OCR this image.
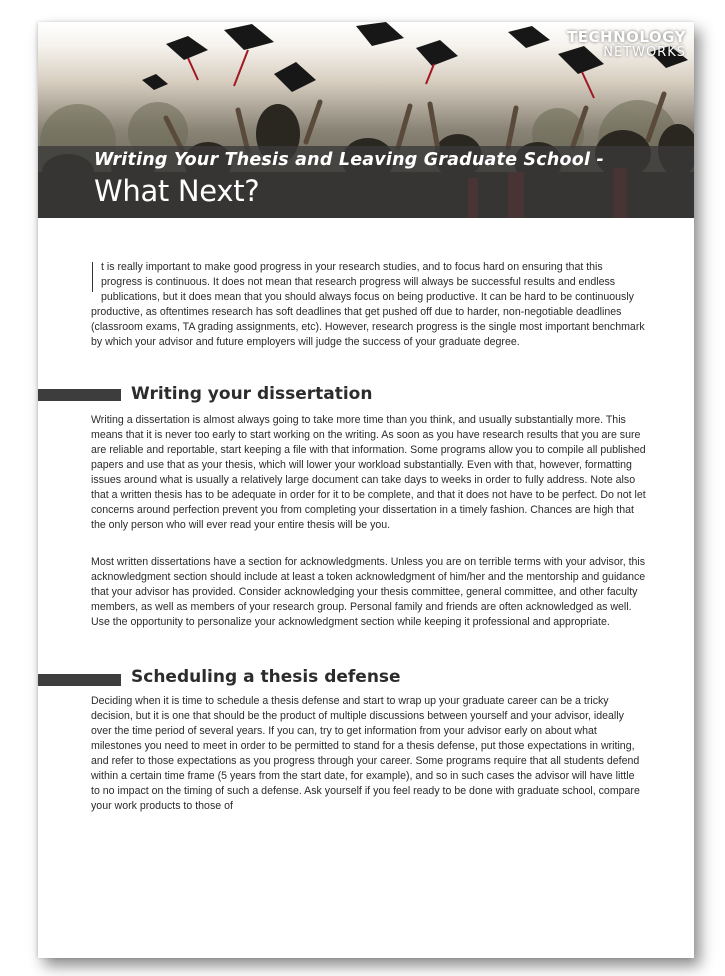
TECHNOLOGY
NETWORKS
Writing Your Thesis and Leaving Graduate School -
What Next?

t is really important to make good progress in your research studies, and to focus hard on ensuring that this progress is continuous. It does not mean that research progress will always be successful results and endless publications, but it does mean that you should always focus on being productive. It can be hard to be continuously productive, as oftentimes research has soft deadlines that get pushed off due to harder, non-negotiable deadlines (classroom exams, TA grading assignments, etc). However, research progress is the single most important benchmark by which your advisor and future employers will judge the success of your graduate degree.

Writing your dissertation

Writing a dissertation is almost always going to take more time than you think, and usually substantially more. This means that it is never too early to start working on the writing. As soon as you have research results that you are sure are reliable and reportable, start keeping a file with that information. Some programs allow you to compile all published papers and use that as your thesis, which will lower your workload substantially. Even with that, however, formatting issues around what is usually a relatively large document can take days to weeks in order to fully address. Note also that a written thesis has to be adequate in order for it to be complete, and that it does not have to be perfect. Do not let concerns around perfection prevent you from completing your dissertation in a timely fashion. Chances are high that the only person who will ever read your entire thesis will be you.

Most written dissertations have a section for acknowledgments. Unless you are on terrible terms with your advisor, this acknowledgment section should include at least a token acknowledgment of him/her and the mentorship and guidance that your advisor has provided. Consider acknowledging your thesis committee, general committee, and other faculty members, as well as members of your research group. Personal family and friends are often acknowledged as well. Use the opportunity to personalize your acknowledgment section while keeping it professional and appropriate.

Scheduling a thesis defense

Deciding when it is time to schedule a thesis defense and start to wrap up your graduate career can be a tricky decision, but it is one that should be the product of multiple discussions between yourself and your advisor, ideally over the time period of several years. If you can, try to get information from your advisor early on about what milestones you need to meet in order to be permitted to stand for a thesis defense, put those expectations in writing, and refer to those expectations as you progress through your career. Some programs require that all students defend within a certain time frame (5 years from the start date, for example), and so in such cases the advisor will have little to no impact on the timing of such a defense. Ask yourself if you feel ready to be done with graduate school, compare your work products to those of
